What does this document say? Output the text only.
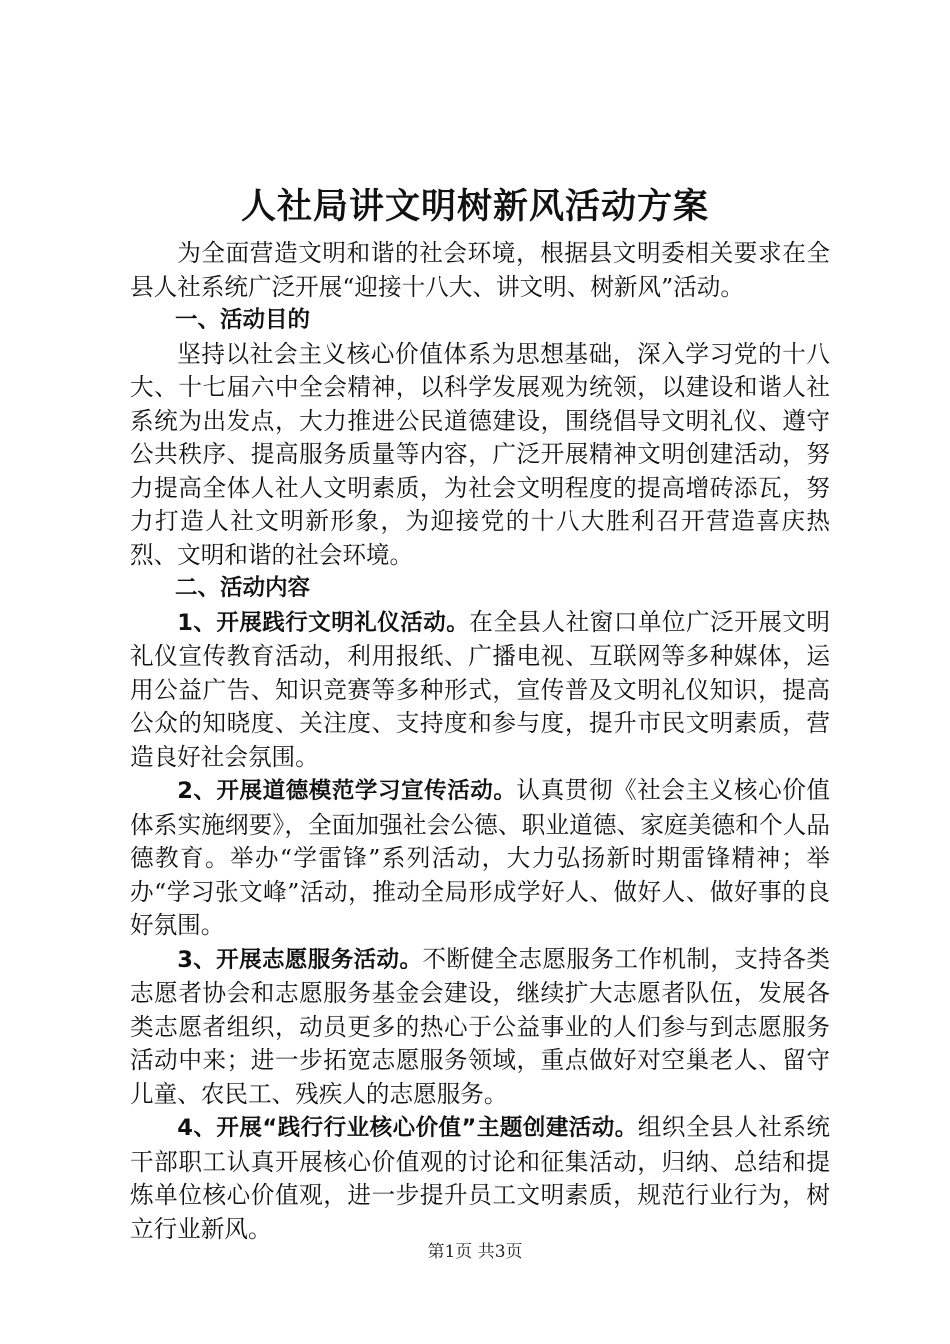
人社局讲文明树新风活动方案

为全面营造文明和谐的社会环境，根据县文明委相关要求在全县人社系统广泛开展“迎接十八大、讲文明、树新风”活动。

一、活动目的

坚持以社会主义核心价值体系为思想基础，深入学习党的十八大、十七届六中全会精神，以科学发展观为统领，以建设和谐人社系统为出发点，大力推进公民道德建设，围绕倡导文明礼仪、遵守公共秩序、提高服务质量等内容，广泛开展精神文明创建活动，努力提高全体人社人文明素质，为社会文明程度的提高增砖添瓦，努力打造人社文明新形象，为迎接党的十八大胜利召开营造喜庆热烈、文明和谐的社会环境。

二、活动内容

1、开展践行文明礼仪活动。在全县人社窗口单位广泛开展文明礼仪宣传教育活动，利用报纸、广播电视、互联网等多种媒体，运用公益广告、知识竞赛等多种形式，宣传普及文明礼仪知识，提高公众的知晓度、关注度、支持度和参与度，提升市民文明素质，营造良好社会氛围。

2、开展道德模范学习宣传活动。认真贯彻《社会主义核心价值体系实施纲要》，全面加强社会公德、职业道德、家庭美德和个人品德教育。举办“学雷锋”系列活动，大力弘扬新时期雷锋精神；举办“学习张文峰”活动，推动全局形成学好人、做好人、做好事的良好氛围。

3、开展志愿服务活动。不断健全志愿服务工作机制，支持各类志愿者协会和志愿服务基金会建设，继续扩大志愿者队伍，发展各类志愿者组织，动员更多的热心于公益事业的人们参与到志愿服务活动中来；进一步拓宽志愿服务领域，重点做好对空巢老人、留守儿童、农民工、残疾人的志愿服务。

4、开展“践行行业核心价值”主题创建活动。组织全县人社系统干部职工认真开展核心价值观的讨论和征集活动，归纳、总结和提炼单位核心价值观，进一步提升员工文明素质，规范行业行为，树立行业新风。

第1页 共3页
